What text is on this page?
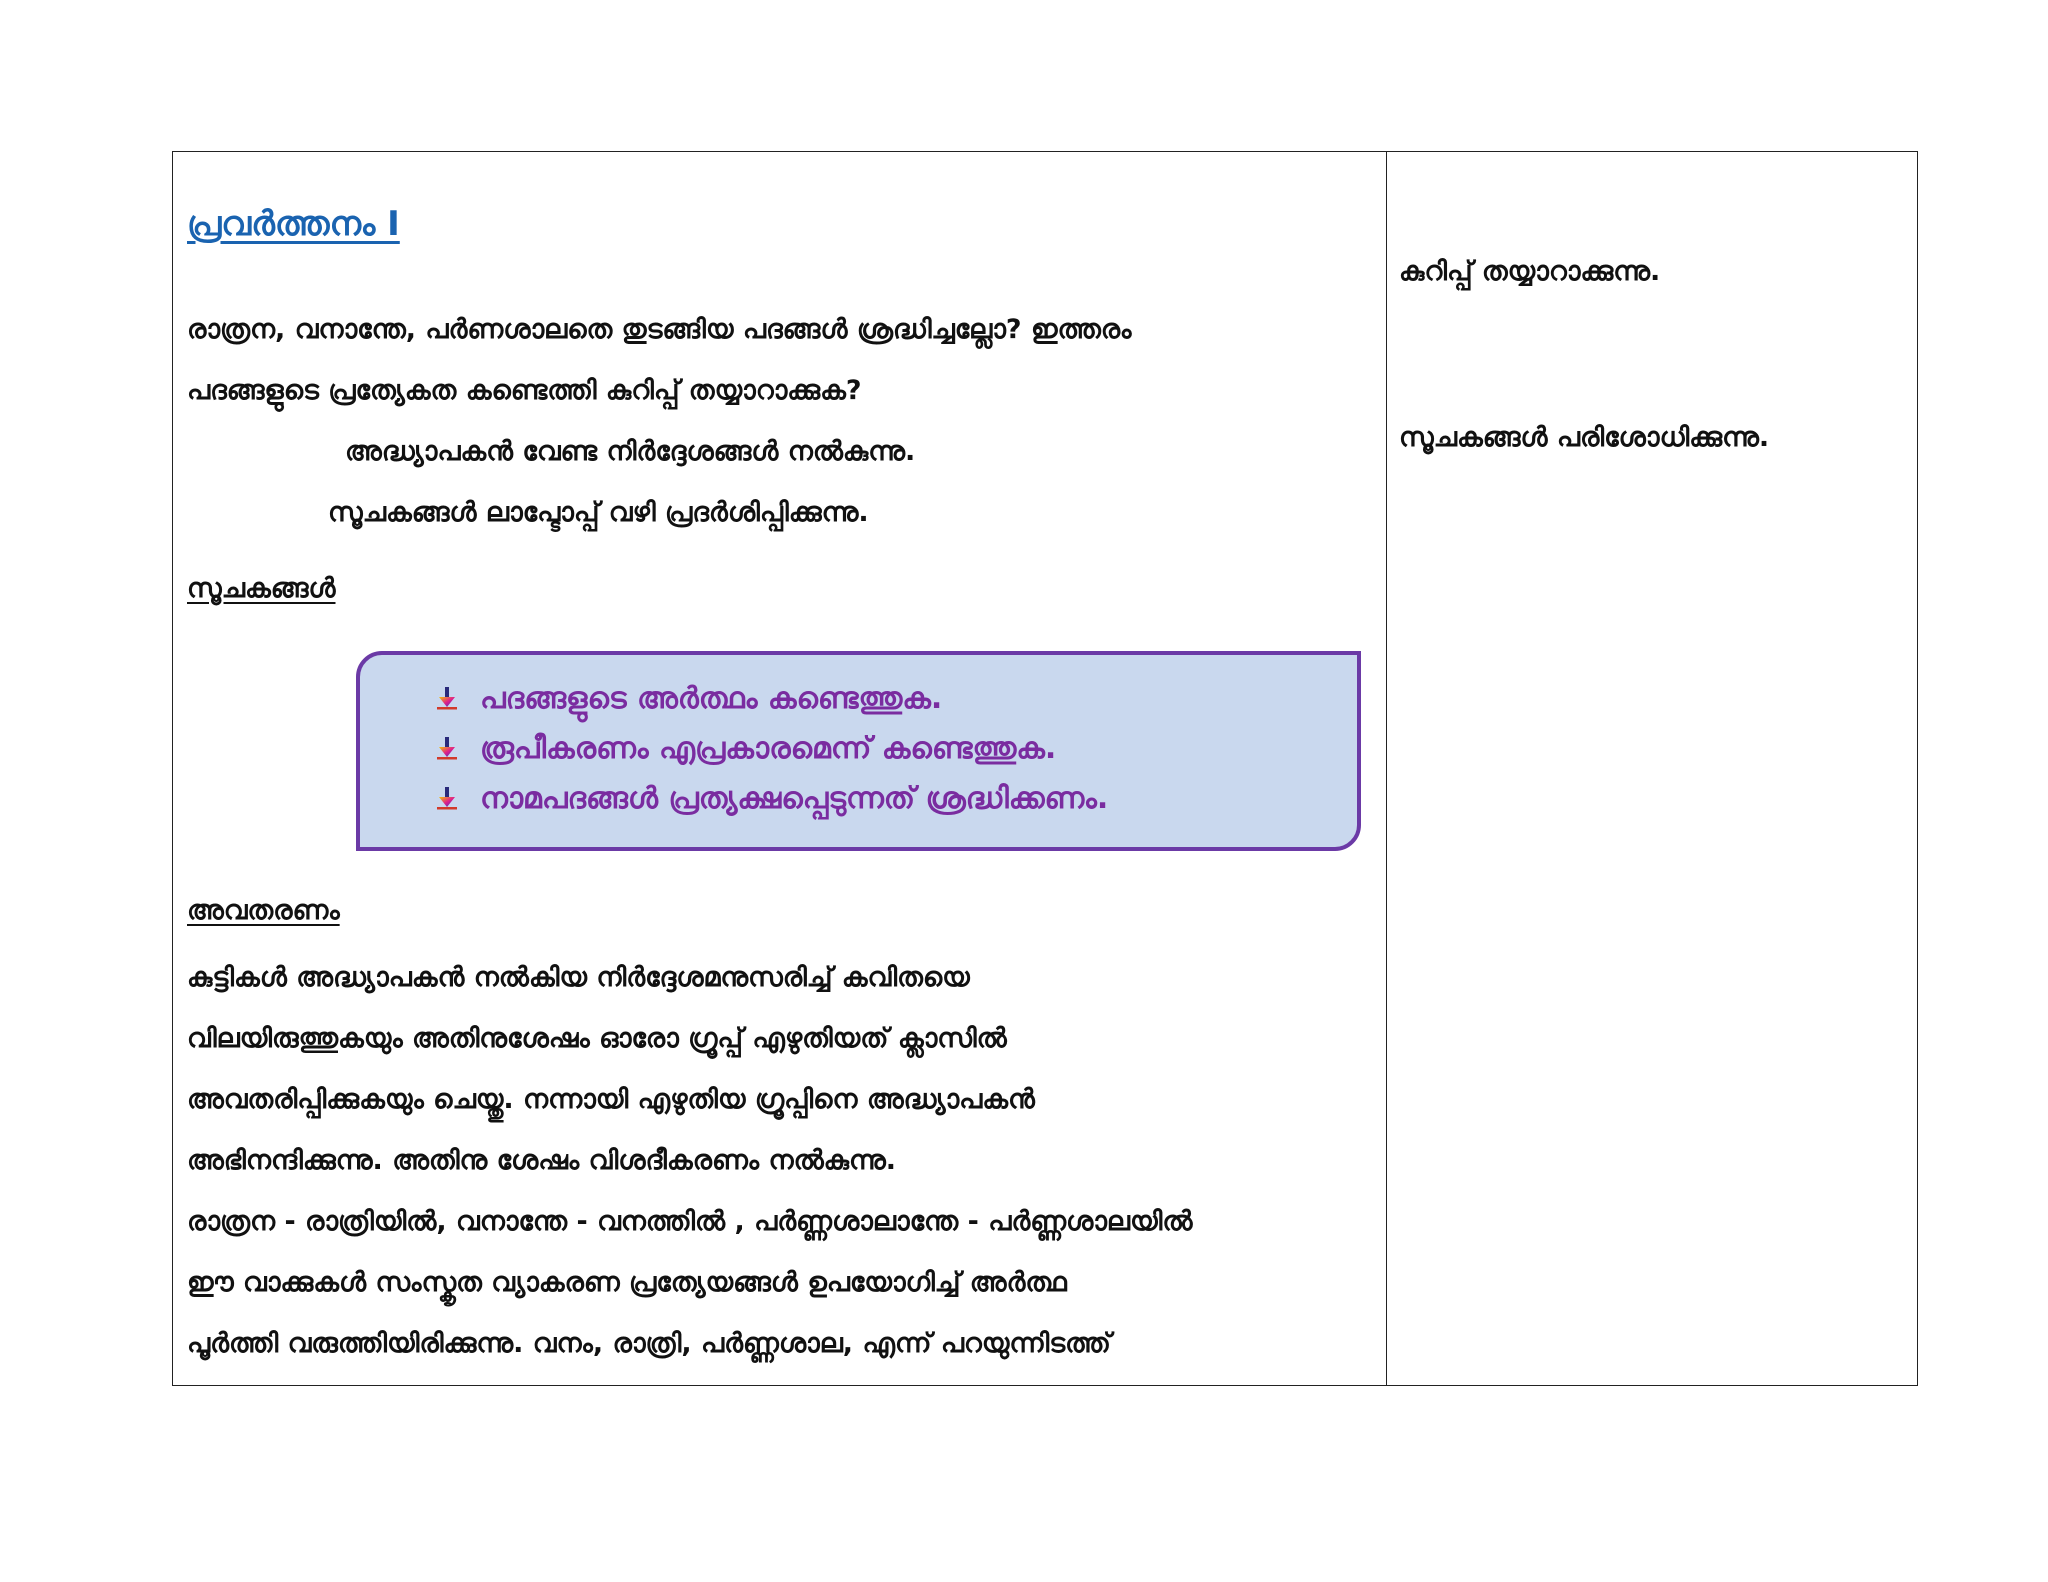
പ്രവർത്തനം I
രാത്രന, വനാന്തേ, പർണശാലതെ തുടങ്ങിയ പദങ്ങൾ ശ്രദ്ധിച്ചല്ലോ? ഇത്തരം
പദങ്ങളുടെ പ്രത്യേകത കണ്ടെത്തി കുറിപ്പ് തയ്യാറാക്കുക?
അദ്ധ്യാപകൻ വേണ്ട നിർദ്ദേശങ്ങൾ നൽകുന്നു.
സൂചകങ്ങൾ ലാപ്ടോപ്പ് വഴി പ്രദർശിപ്പിക്കുന്നു.
സൂചകങ്ങൾ
പദങ്ങളുടെ അർത്ഥം കണ്ടെത്തുക.
രൂപീകരണം എപ്രകാരമെന്ന് കണ്ടെത്തുക.
നാമപദങ്ങൾ പ്രത്യക്ഷപ്പെടുന്നത് ശ്രദ്ധിക്കണം.
അവതരണം
കുട്ടികൾ അദ്ധ്യാപകൻ നൽകിയ നിർദ്ദേശമനുസരിച്ച് കവിതയെ
വിലയിരുത്തുകയും അതിനുശേഷം ഓരോ ഗ്രൂപ്പ് എഴുതിയത് ക്ലാസിൽ
അവതരിപ്പിക്കുകയും ചെയ്തു. നന്നായി എഴുതിയ ഗ്രൂപ്പിനെ അദ്ധ്യാപകൻ
അഭിനന്ദിക്കുന്നു. അതിനു ശേഷം വിശദീകരണം നൽകുന്നു.
രാത്രന - രാത്രിയിൽ, വനാന്തേ - വനത്തിൽ , പർണ്ണശാലാന്തേ - പർണ്ണശാലയിൽ
ഈ വാക്കുകൾ സംസ്കൃത വ്യാകരണ പ്രത്യേയങ്ങൾ ഉപയോഗിച്ച് അർത്ഥ
പൂർത്തി വരുത്തിയിരിക്കുന്നു. വനം, രാത്രി, പർണ്ണശാല, എന്ന് പറയുന്നിടത്ത്
കുറിപ്പ് തയ്യാറാക്കുന്നു.
സൂചകങ്ങൾ പരിശോധിക്കുന്നു.
